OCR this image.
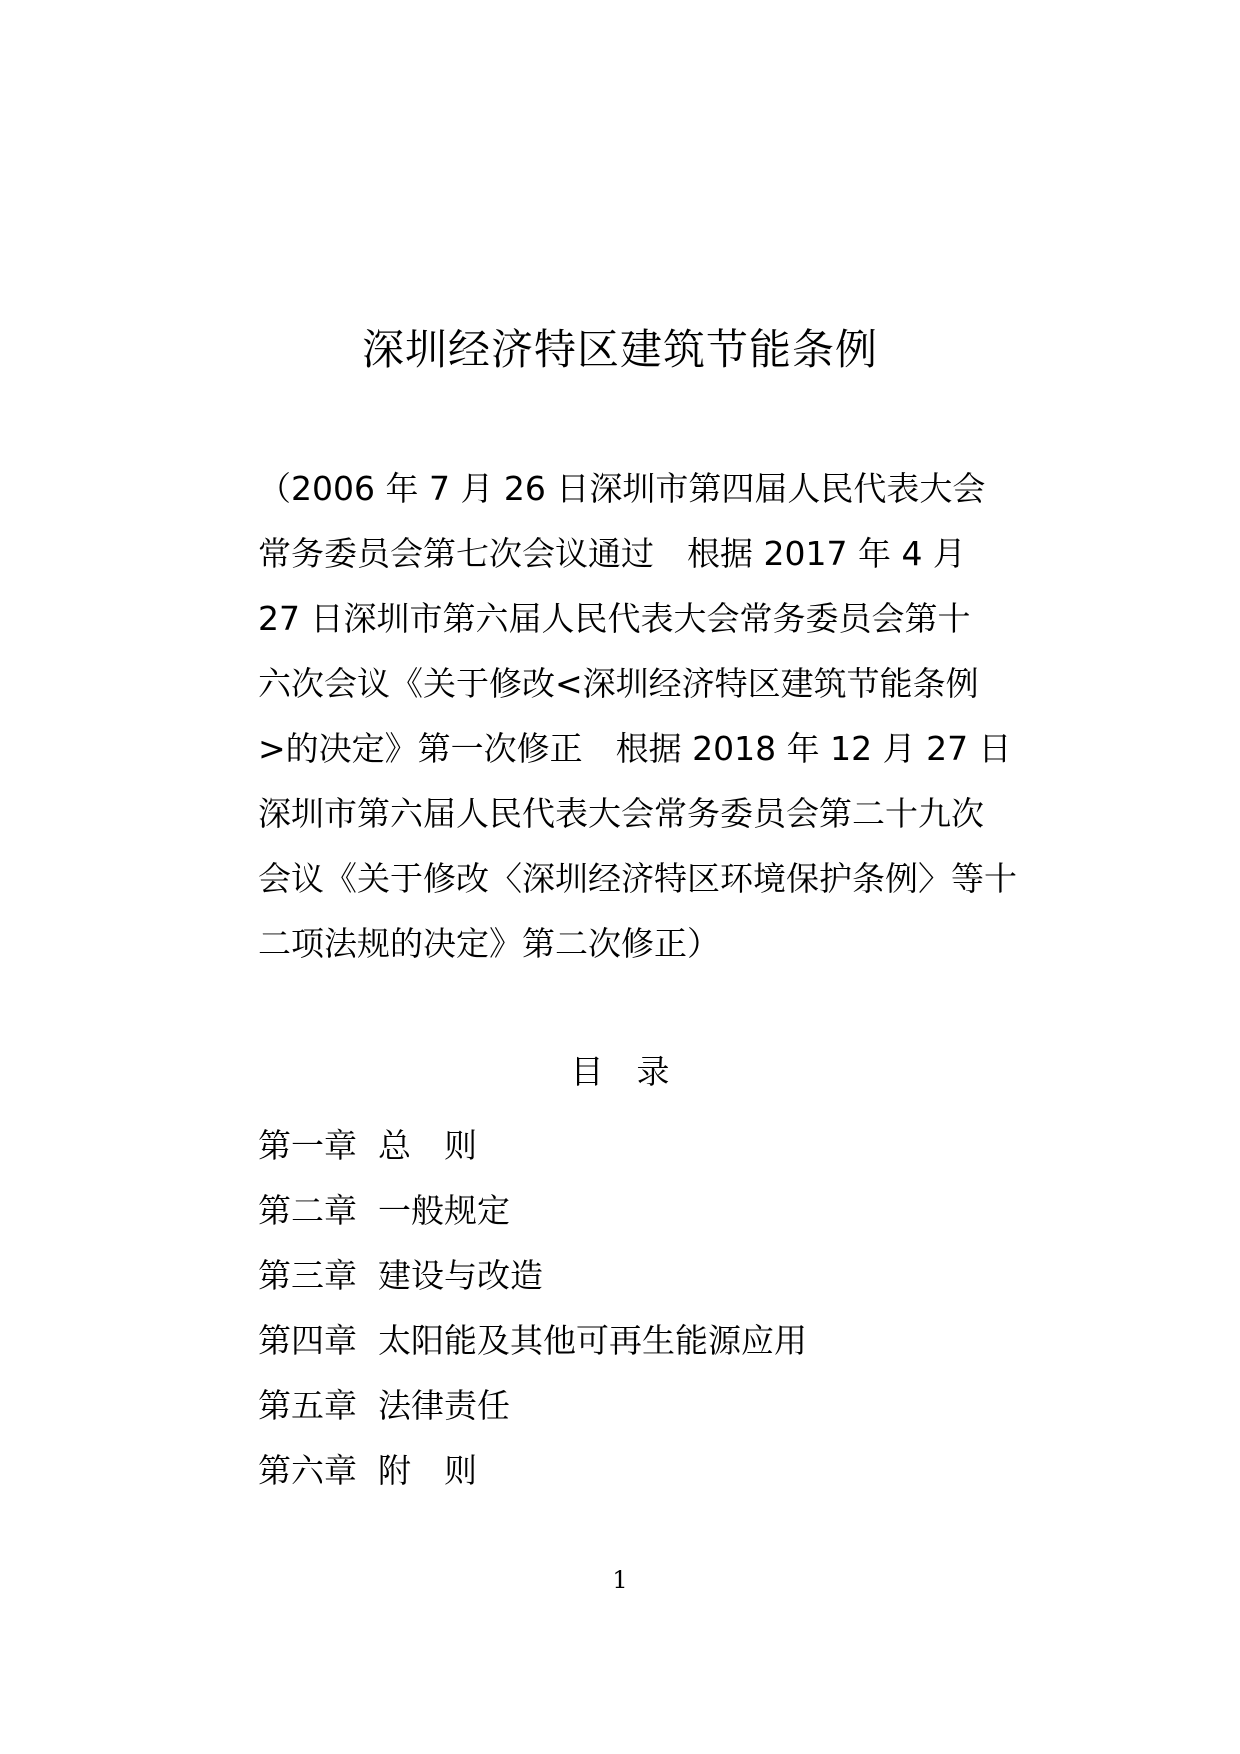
深圳经济特区建筑节能条例

（2006 年 7 月 26 日深圳市第四届人民代表大会
常务委员会第七次会议通过　根据 2017 年 4 月
27 日深圳市第六届人民代表大会常务委员会第十
六次会议《关于修改<深圳经济特区建筑节能条例
>的决定》第一次修正　根据 2018 年 12 月 27 日
深圳市第六届人民代表大会常务委员会第二十九次
会议《关于修改〈深圳经济特区环境保护条例〉等十
二项法规的决定》第二次修正）

目　录
第一章 总　则
第二章 一般规定
第三章 建设与改造
第四章 太阳能及其他可再生能源应用
第五章 法律责任
第六章 附　则
1
